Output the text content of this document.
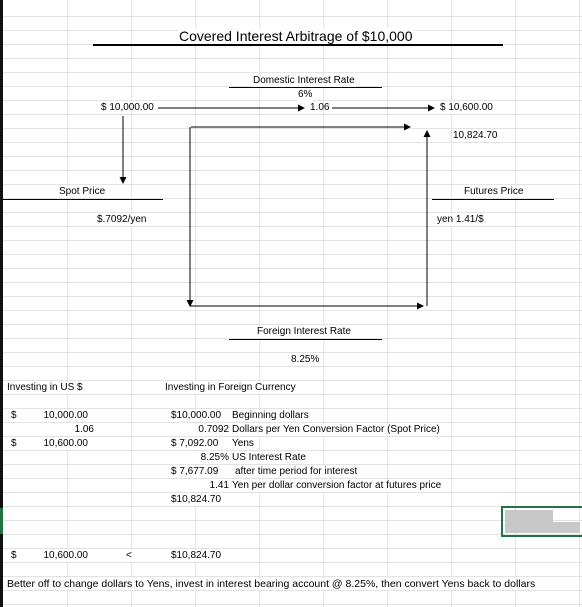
Covered Interest Arbitrage of $10,000
Domestic Interest Rate
6%
1.06
$ 10,000.00	$ 10,600.00
10,824.70
Spot Price
$.7092/yen
Futures Price
yen 1.41/$
Foreign Interest Rate
8.25%
Investing in US $
$	10,000.00
1.06
$	10,600.00
Investing in Foreign Currency
$10,000.00 Beginning dollars
0.7092 Dollars per Yen Conversion Factor (Spot Price)
$ 7,092.00 Yens
8.25% US Interest Rate
$ 7,677.09 after time period for interest
1.41 Yen per dollar conversion factor at futures price
$10,824.70
$	10,600.00	<	$10,824.70
Better off to change dollars to Yens, invest in interest bearing account @ 8.25%, then convert Yens back to dollars
